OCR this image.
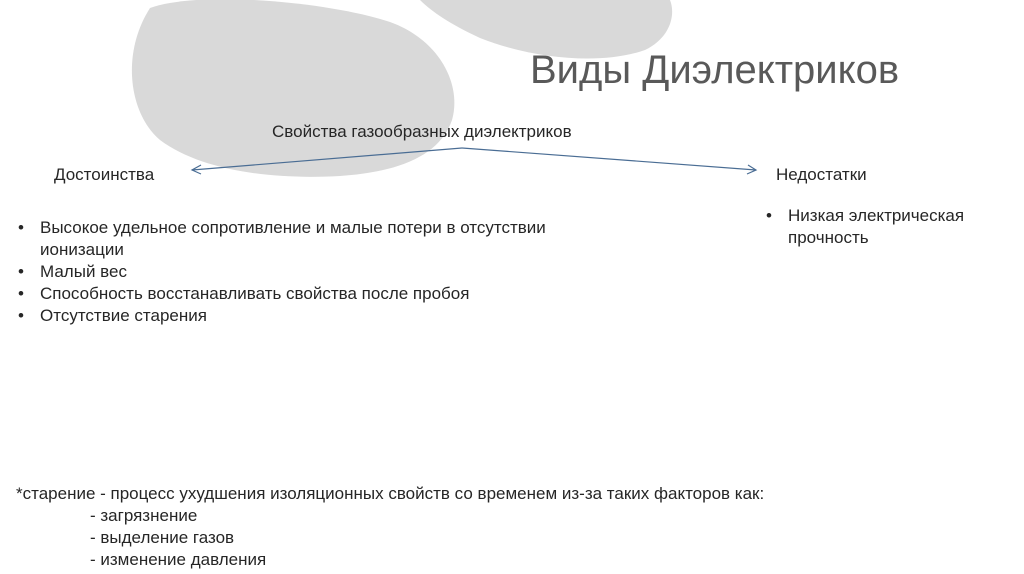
Виды Диэлектриков
Свойства газообразных диэлектриков
Достоинства	Недостатки
• Высокое удельное сопротивление и малые потери в отсутствии ионизации
• Малый вес
• Способность восстанавливать свойства после пробоя
• Отсутствие старения
• Низкая электрическая прочность
*старение - процесс ухудшения изоляционных свойств со временем из-за таких факторов как:
- загрязнение
- выделение газов
- изменение давления
